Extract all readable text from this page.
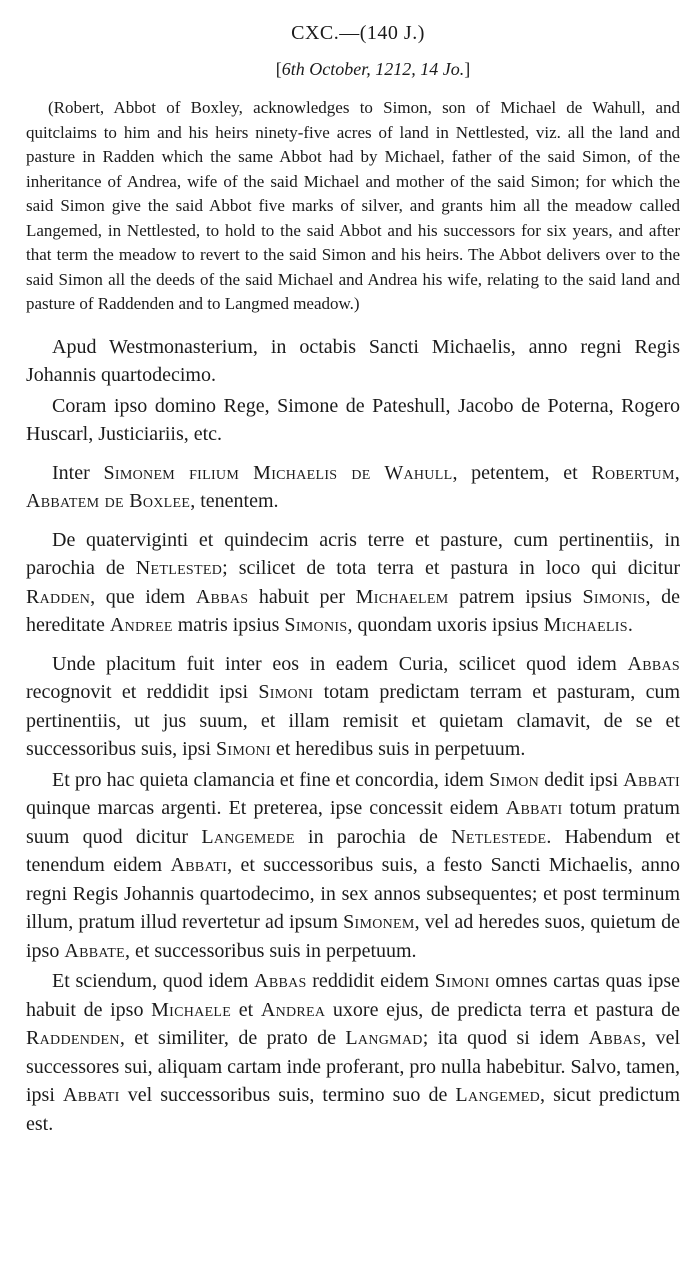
CXC.—(140 J.)
[6th October, 1212, 14 Jo.]

(Robert, Abbot of Boxley, acknowledges to Simon, son of Michael de Wahull, and quitclaims to him and his heirs ninety-five acres of land in Nettlested, viz. all the land and pasture in Radden which the same Abbot had by Michael, father of the said Simon, of the inheritance of Andrea, wife of the said Michael and mother of the said Simon; for which the said Simon give the said Abbot five marks of silver, and grants him all the meadow called Langemed, in Nettlested, to hold to the said Abbot and his successors for six years, and after that term the meadow to revert to the said Simon and his heirs. The Abbot delivers over to the said Simon all the deeds of the said Michael and Andrea his wife, relating to the said land and pasture of Raddenden and to Langmed meadow.)

Apud Westmonasterium, in octabis Sancti Michaelis, anno regni Regis Johannis quartodecimo.

Coram ipso domino Rege, Simone de Pateshull, Jacobo de Poterna, Rogero Huscarl, Justiciariis, etc.

Inter Simonem filium Michaelis de Wahull, petentem, et Robertum, Abbatem de Boxlee, tenentem.

De quaterviginti et quindecim acris terre et pasture, cum pertinentiis, in parochia de Netlested; scilicet de tota terra et pastura in loco qui dicitur Radden, que idem Abbas habuit per Michaelem patrem ipsius Simonis, de hereditate Andree matris ipsius Simonis, quondam uxoris ipsius Michaelis.

Unde placitum fuit inter eos in eadem Curia, scilicet quod idem Abbas recognovit et reddidit ipsi Simoni totam predictam terram et pasturam, cum pertinentiis, ut jus suum, et illam remisit et quietam clamavit, de se et successoribus suis, ipsi Simoni et heredibus suis in perpetuum.

Et pro hac quieta clamancia et fine et concordia, idem Simon dedit ipsi Abbati quinque marcas argenti. Et preterea, ipse concessit eidem Abbati totum pratum suum quod dicitur Langemede in parochia de Netlestede. Habendum et tenendum eidem Abbati, et successoribus suis, a festo Sancti Michaelis, anno regni Regis Johannis quartodecimo, in sex annos subsequentes; et post terminum illum, pratum illud revertetur ad ipsum Simonem, vel ad heredes suos, quietum de ipso Abbate, et successoribus suis in perpetuum.

Et sciendum, quod idem Abbas reddidit eidem Simoni omnes cartas quas ipse habuit de ipso Michaele et Andrea uxore ejus, de predicta terra et pastura de Raddenden, et similiter, de prato de Langmad; ita quod si idem Abbas, vel successores sui, aliquam cartam inde proferant, pro nulla habebitur. Salvo, tamen, ipsi Abbati vel successoribus suis, termino suo de Langemed, sicut predictum est.
